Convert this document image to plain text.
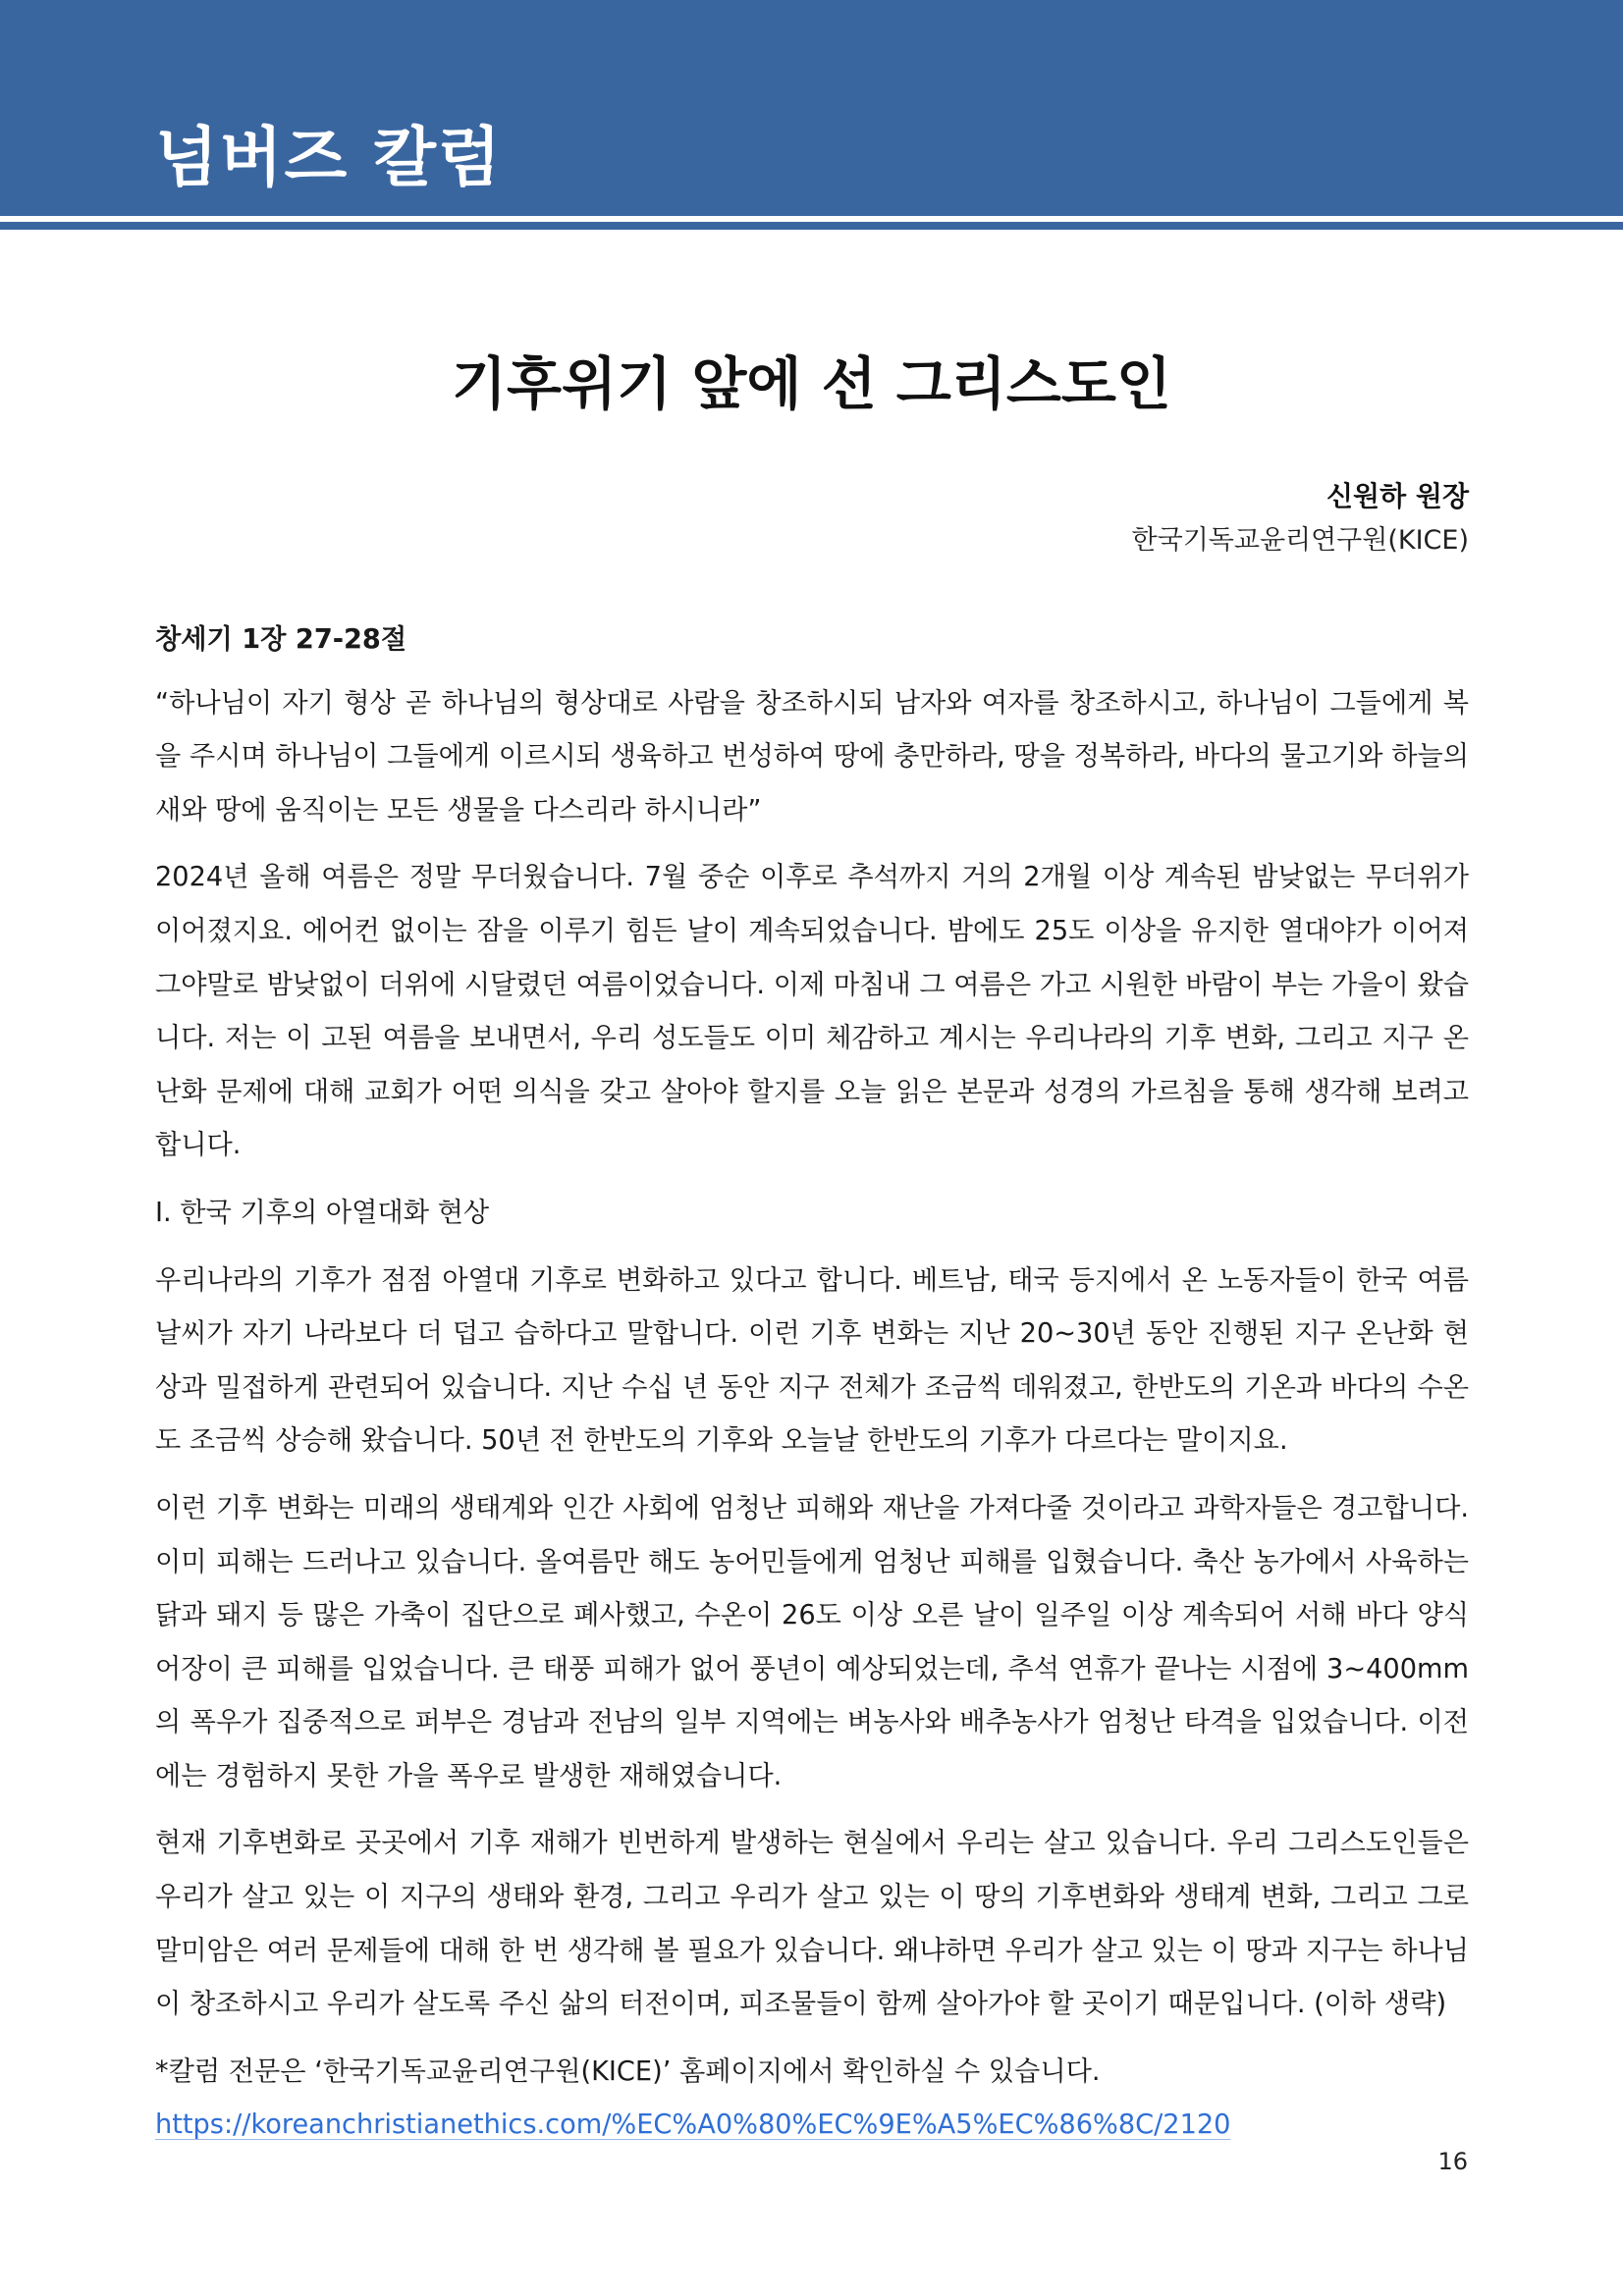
넘버즈 칼럼
기후위기 앞에 선 그리스도인
신원하 원장
한국기독교윤리연구원(KICE)

창세기 1장 27-28절

“하나님이 자기 형상 곧 하나님의 형상대로 사람을 창조하시되 남자와 여자를 창조하시고, 하나님이 그들에게 복을 주시며 하나님이 그들에게 이르시되 생육하고 번성하여 땅에 충만하라, 땅을 정복하라, 바다의 물고기와 하늘의 새와 땅에 움직이는 모든 생물을 다스리라 하시니라”

2024년 올해 여름은 정말 무더웠습니다. 7월 중순 이후로 추석까지 거의 2개월 이상 계속된 밤낮없는 무더위가 이어졌지요. 에어컨 없이는 잠을 이루기 힘든 날이 계속되었습니다. 밤에도 25도 이상을 유지한 열대야가 이어져 그야말로 밤낮없이 더위에 시달렸던 여름이었습니다. 이제 마침내 그 여름은 가고 시원한 바람이 부는 가을이 왔습니다. 저는 이 고된 여름을 보내면서, 우리 성도들도 이미 체감하고 계시는 우리나라의 기후 변화, 그리고 지구 온난화 문제에 대해 교회가 어떤 의식을 갖고 살아야 할지를 오늘 읽은 본문과 성경의 가르침을 통해 생각해 보려고 합니다.

I. 한국 기후의 아열대화 현상

우리나라의 기후가 점점 아열대 기후로 변화하고 있다고 합니다. 베트남, 태국 등지에서 온 노동자들이 한국 여름 날씨가 자기 나라보다 더 덥고 습하다고 말합니다. 이런 기후 변화는 지난 20~30년 동안 진행된 지구 온난화 현상과 밀접하게 관련되어 있습니다. 지난 수십 년 동안 지구 전체가 조금씩 데워졌고, 한반도의 기온과 바다의 수온도 조금씩 상승해 왔습니다. 50년 전 한반도의 기후와 오늘날 한반도의 기후가 다르다는 말이지요.

이런 기후 변화는 미래의 생태계와 인간 사회에 엄청난 피해와 재난을 가져다줄 것이라고 과학자들은 경고합니다. 이미 피해는 드러나고 있습니다. 올여름만 해도 농어민들에게 엄청난 피해를 입혔습니다. 축산 농가에서 사육하는 닭과 돼지 등 많은 가축이 집단으로 폐사했고, 수온이 26도 이상 오른 날이 일주일 이상 계속되어 서해 바다 양식 어장이 큰 피해를 입었습니다. 큰 태풍 피해가 없어 풍년이 예상되었는데, 추석 연휴가 끝나는 시점에 3~400mm의 폭우가 집중적으로 퍼부은 경남과 전남의 일부 지역에는 벼농사와 배추농사가 엄청난 타격을 입었습니다. 이전에는 경험하지 못한 가을 폭우로 발생한 재해였습니다.

현재 기후변화로 곳곳에서 기후 재해가 빈번하게 발생하는 현실에서 우리는 살고 있습니다. 우리 그리스도인들은 우리가 살고 있는 이 지구의 생태와 환경, 그리고 우리가 살고 있는 이 땅의 기후변화와 생태계 변화, 그리고 그로 말미암은 여러 문제들에 대해 한 번 생각해 볼 필요가 있습니다. 왜냐하면 우리가 살고 있는 이 땅과 지구는 하나님이 창조하시고 우리가 살도록 주신 삶의 터전이며, 피조물들이 함께 살아가야 할 곳이기 때문입니다. (이하 생략)

*칼럼 전문은 ‘한국기독교윤리연구원(KICE)’ 홈페이지에서 확인하실 수 있습니다.

https://koreanchristianethics.com/%EC%A0%80%EC%9E%A5%EC%86%8C/2120

16
